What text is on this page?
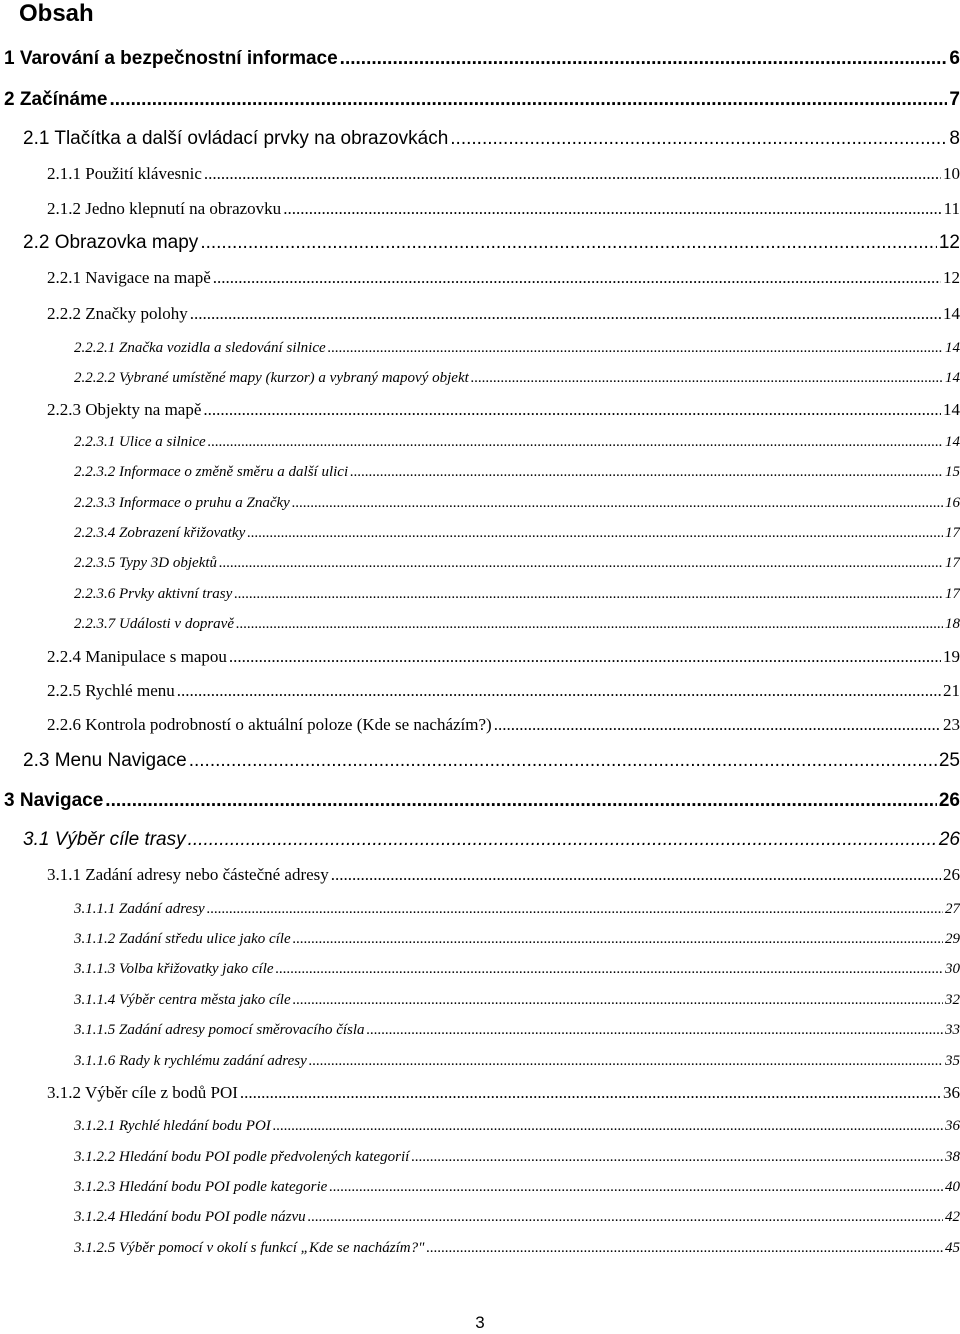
Obsah
1 Varování a bezpečnostní informace .....	6
2 Začínáme .....	7
2.1 Tlačítka a další ovládací prvky na obrazovkách .....	8
2.1.1 Použití klávesnic .....	10
2.1.2 Jedno klepnutí na obrazovku .....	11
2.2 Obrazovka mapy .....	12
2.2.1 Navigace na mapě .....	12
2.2.2 Značky polohy .....	14
2.2.2.1 Značka vozidla a sledování silnice .....	14
2.2.2.2 Vybrané umístěné mapy (kurzor) a vybraný mapový objekt .....	14
2.2.3 Objekty na mapě .....	14
2.2.3.1 Ulice a silnice .....	14
2.2.3.2 Informace o změně směru a další ulici .....	15
2.2.3.3 Informace o pruhu a Značky .....	16
2.2.3.4 Zobrazení křižovatky .....	17
2.2.3.5 Typy 3D objektů .....	17
2.2.3.6 Prvky aktivní trasy .....	17
2.2.3.7 Události v dopravě .....	18
2.2.4 Manipulace s mapou .....	19
2.2.5 Rychlé menu .....	21
2.2.6 Kontrola podrobností o aktuální poloze (Kde se nacházím?) .....	23
2.3 Menu Navigace .....	25
3 Navigace .....	26
3.1 Výběr cíle trasy .....	26
3.1.1 Zadání adresy nebo částečné adresy .....	26
3.1.1.1 Zadání adresy .....	27
3.1.1.2 Zadání středu ulice jako cíle .....	29
3.1.1.3 Volba křižovatky jako cíle .....	30
3.1.1.4 Výběr centra města jako cíle .....	32
3.1.1.5 Zadání adresy pomocí směrovacího čísla .....	33
3.1.1.6 Rady k rychlému zadání adresy .....	35
3.1.2 Výběr cíle z bodů POI .....	36
3.1.2.1 Rychlé hledání bodu POI .....	36
3.1.2.2 Hledání bodu POI podle předvolených kategorií .....	38
3.1.2.3 Hledání bodu POI podle kategorie .....	40
3.1.2.4 Hledání bodu POI podle názvu .....	42
3.1.2.5 Výběr pomocí v okolí s funkcí „Kde se nacházím?" .....	45

3
